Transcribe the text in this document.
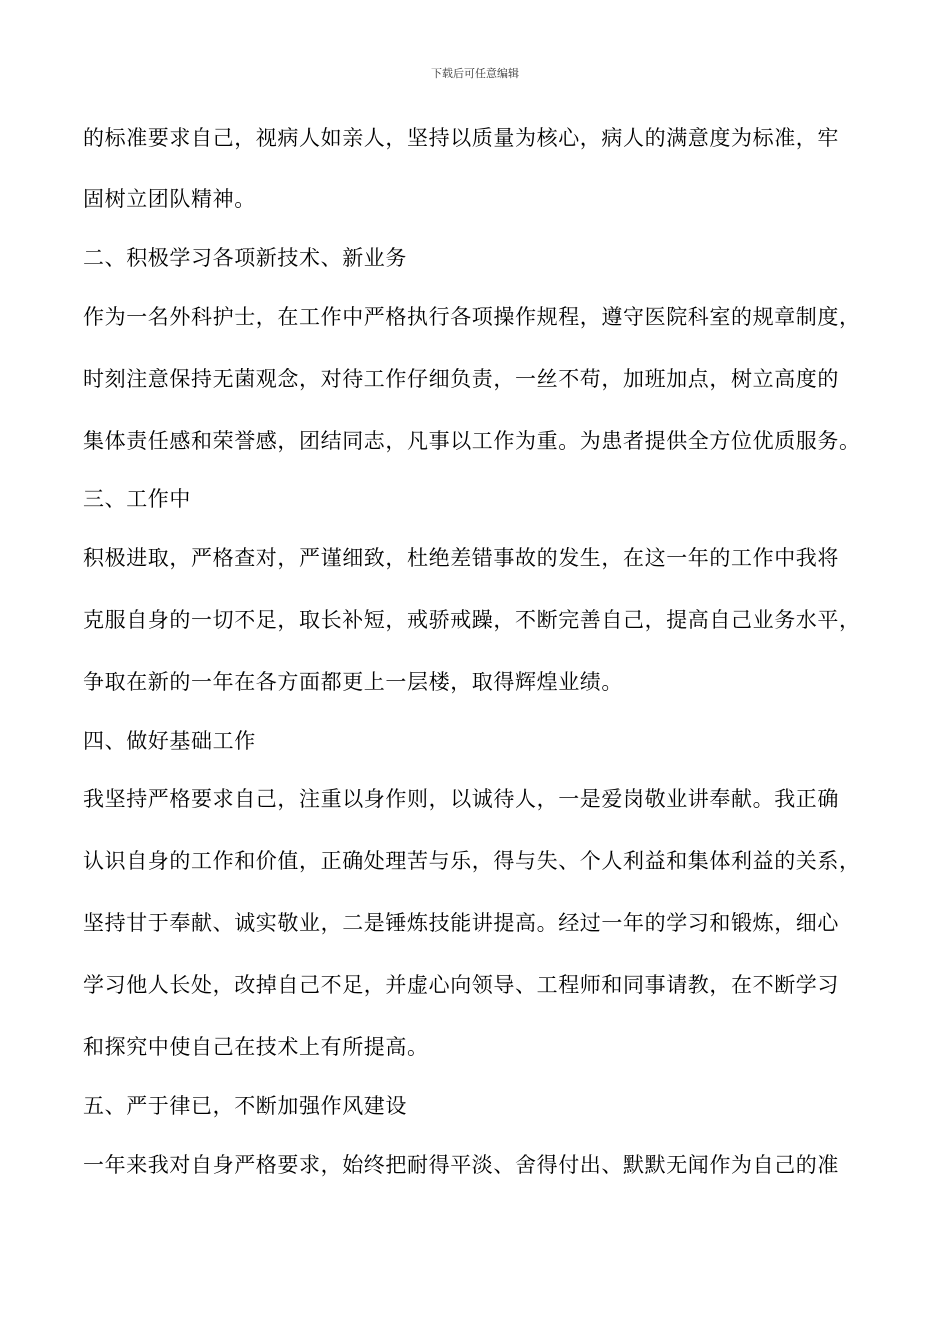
下载后可任意编辑
的标准要求自己，视病人如亲人，坚持以质量为核心，病人的满意度为标准，牢
固树立团队精神。
二、积极学习各项新技术、新业务
作为一名外科护士，在工作中严格执行各项操作规程，遵守医院科室的规章制度，
时刻注意保持无菌观念，对待工作仔细负责，一丝不苟，加班加点，树立高度的
集体责任感和荣誉感，团结同志，凡事以工作为重。为患者提供全方位优质服务。
三、工作中
积极进取，严格查对，严谨细致，杜绝差错事故的发生，在这一年的工作中我将
克服自身的一切不足，取长补短，戒骄戒躁，不断完善自己，提高自己业务水平，
争取在新的一年在各方面都更上一层楼，取得辉煌业绩。
四、做好基础工作
我坚持严格要求自己，注重以身作则，以诚待人，一是爱岗敬业讲奉献。我正确
认识自身的工作和价值，正确处理苦与乐，得与失、个人利益和集体利益的关系，
坚持甘于奉献、诚实敬业，二是锤炼技能讲提高。经过一年的学习和锻炼，细心
学习他人长处，改掉自己不足，并虚心向领导、工程师和同事请教，在不断学习
和探究中使自己在技术上有所提高。
五、严于律已，不断加强作风建设
一年来我对自身严格要求，始终把耐得平淡、舍得付出、默默无闻作为自己的准
